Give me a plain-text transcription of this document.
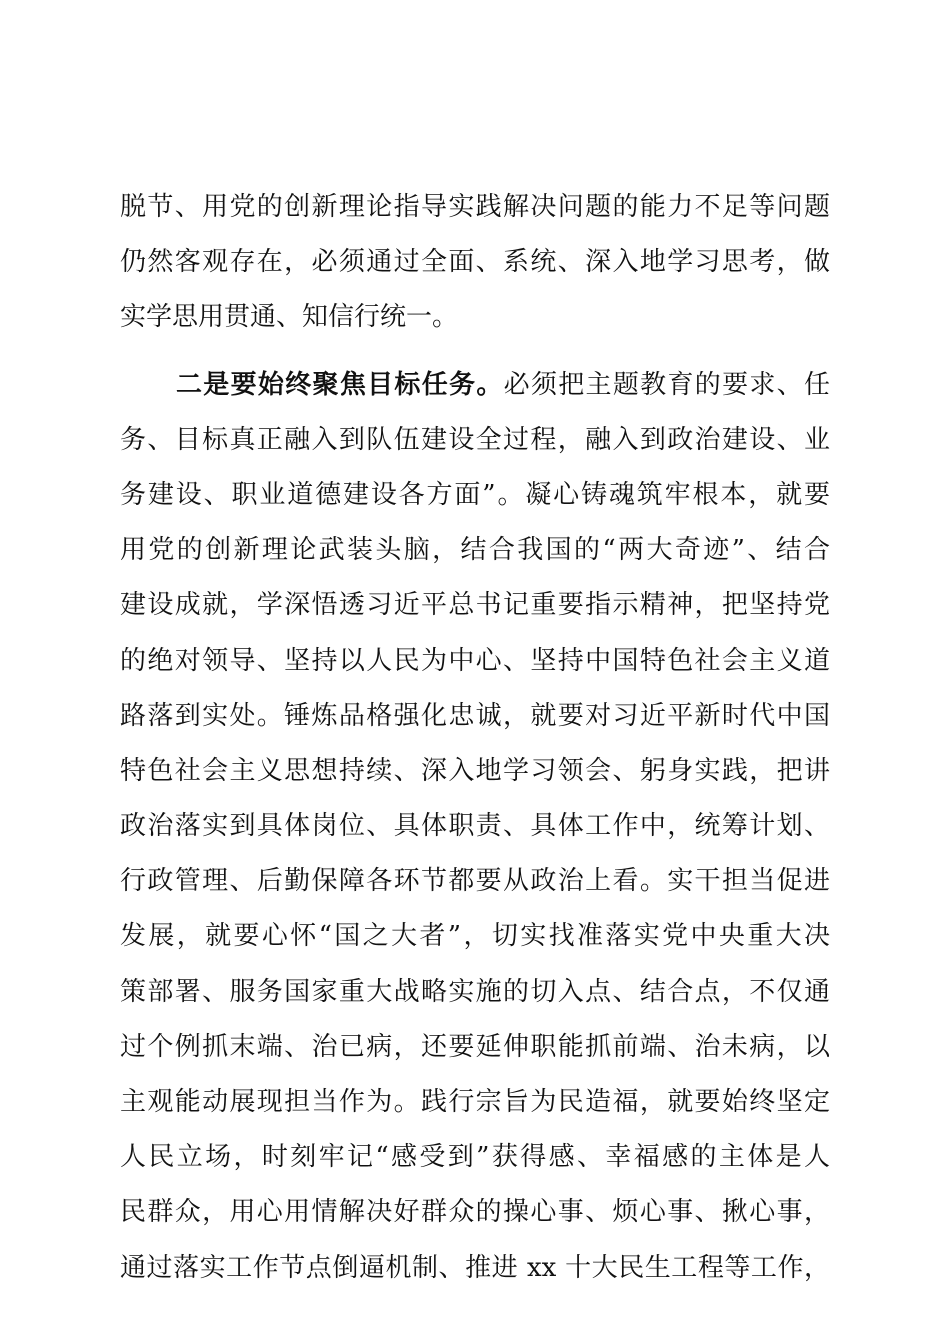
脱节、用党的创新理论指导实践解决问题的能力不足等问题
仍然客观存在，必须通过全面、系统、深入地学习思考，做
实学思用贯通、知信行统一。
二是要始终聚焦目标任务。必须把主题教育的要求、任
务、目标真正融入到队伍建设全过程，融入到政治建设、业
务建设、职业道德建设各方面”。凝心铸魂筑牢根本，就要
用党的创新理论武装头脑，结合我国的“两大奇迹”、结合
建设成就，学深悟透习近平总书记重要指示精神，把坚持党
的绝对领导、坚持以人民为中心、坚持中国特色社会主义道
路落到实处。锤炼品格强化忠诚，就要对习近平新时代中国
特色社会主义思想持续、深入地学习领会、躬身实践，把讲
政治落实到具体岗位、具体职责、具体工作中，统筹计划、
行政管理、后勤保障各环节都要从政治上看。实干担当促进
发展，就要心怀“国之大者”，切实找准落实党中央重大决
策部署、服务国家重大战略实施的切入点、结合点，不仅通
过个例抓末端、治已病，还要延伸职能抓前端、治未病，以
主观能动展现担当作为。践行宗旨为民造福，就要始终坚定
人民立场，时刻牢记“感受到”获得感、幸福感的主体是人
民群众，用心用情解决好群众的操心事、烦心事、揪心事，
通过落实工作节点倒逼机制、推进 xx 十大民生工程等工作，
